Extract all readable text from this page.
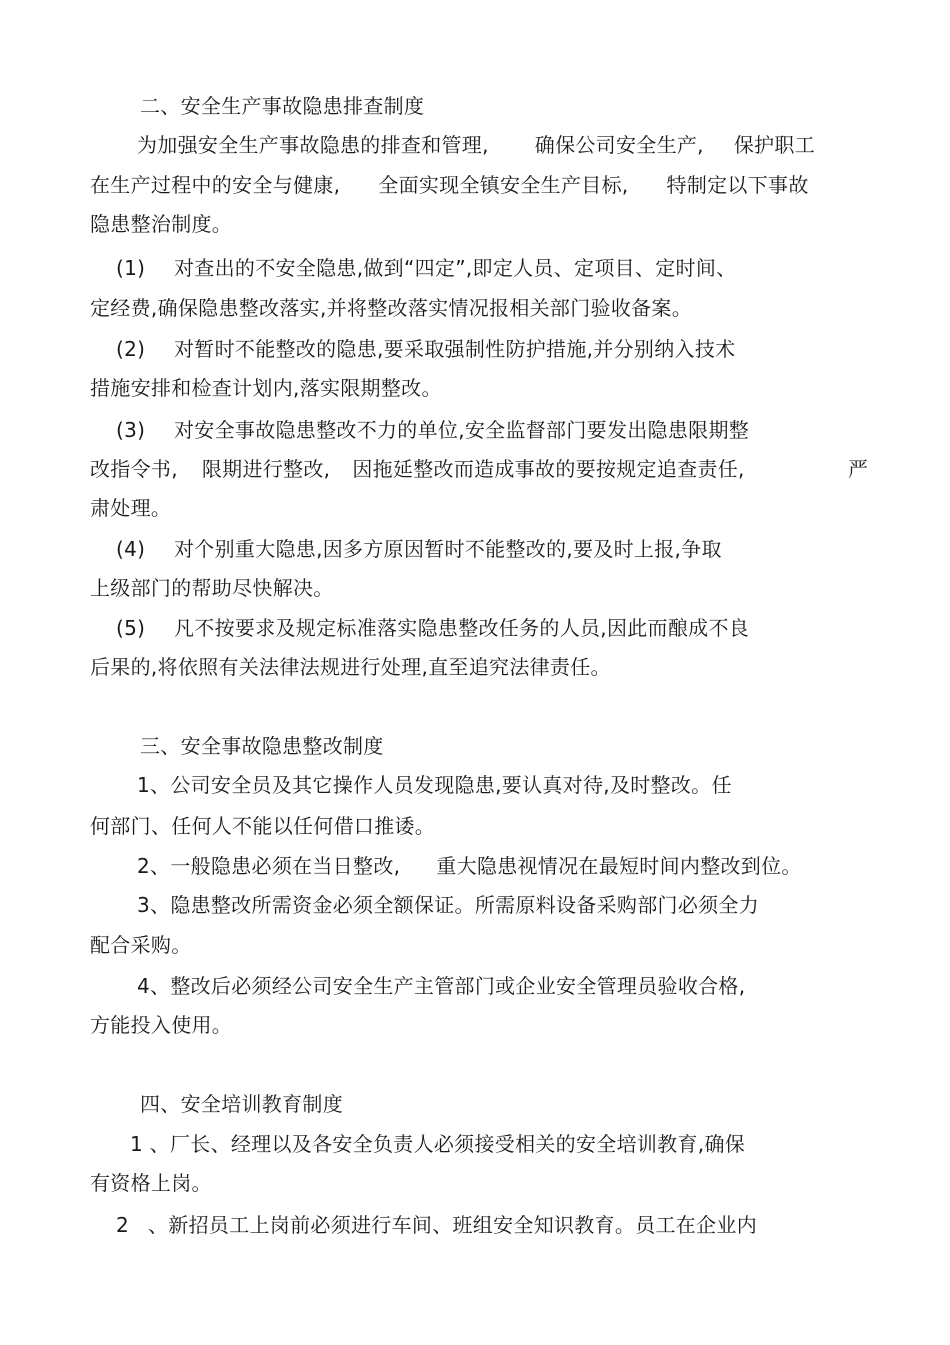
二、安全生产事故隐患排查制度
为加强安全生产事故隐患的排查和管理, 确保公司安全生产, 保护职工
在生产过程中的安全与健康, 全面实现全镇安全生产目标, 特制定以下事故
隐患整治制度。
(1) 对查出的不安全隐患,做到“四定”,即定人员、定项目、定时间、
定经费,确保隐患整改落实,并将整改落实情况报相关部门验收备案。
(2) 对暂时不能整改的隐患,要采取强制性防护措施,并分别纳入技术
措施安排和检查计划内,落实限期整改。
(3) 对安全事故隐患整改不力的单位,安全监督部门要发出隐患限期整
改指令书, 限期进行整改, 因拖延整改而造成事故的要按规定追查责任,	严
肃处理。
(4) 对个别重大隐患,因多方原因暂时不能整改的,要及时上报,争取
上级部门的帮助尽快解决。
(5) 凡不按要求及规定标准落实隐患整改任务的人员,因此而酿成不良
后果的,将依照有关法律法规进行处理,直至追究法律责任。
三、安全事故隐患整改制度
1、公司安全员及其它操作人员发现隐患,要认真对待,及时整改。任
何部门、任何人不能以任何借口推诿。
2、一般隐患必须在当日整改, 重大隐患视情况在最短时间内整改到位。
3、隐患整改所需资金必须全额保证。所需原料设备采购部门必须全力
配合采购。
4、整改后必须经公司安全生产主管部门或企业安全管理员验收合格,
方能投入使用。
四、安全培训教育制度
1 、厂长、经理以及各安全负责人必须接受相关的安全培训教育,确保
有资格上岗。
2 、新招员工上岗前必须进行车间、班组安全知识教育。员工在企业内
